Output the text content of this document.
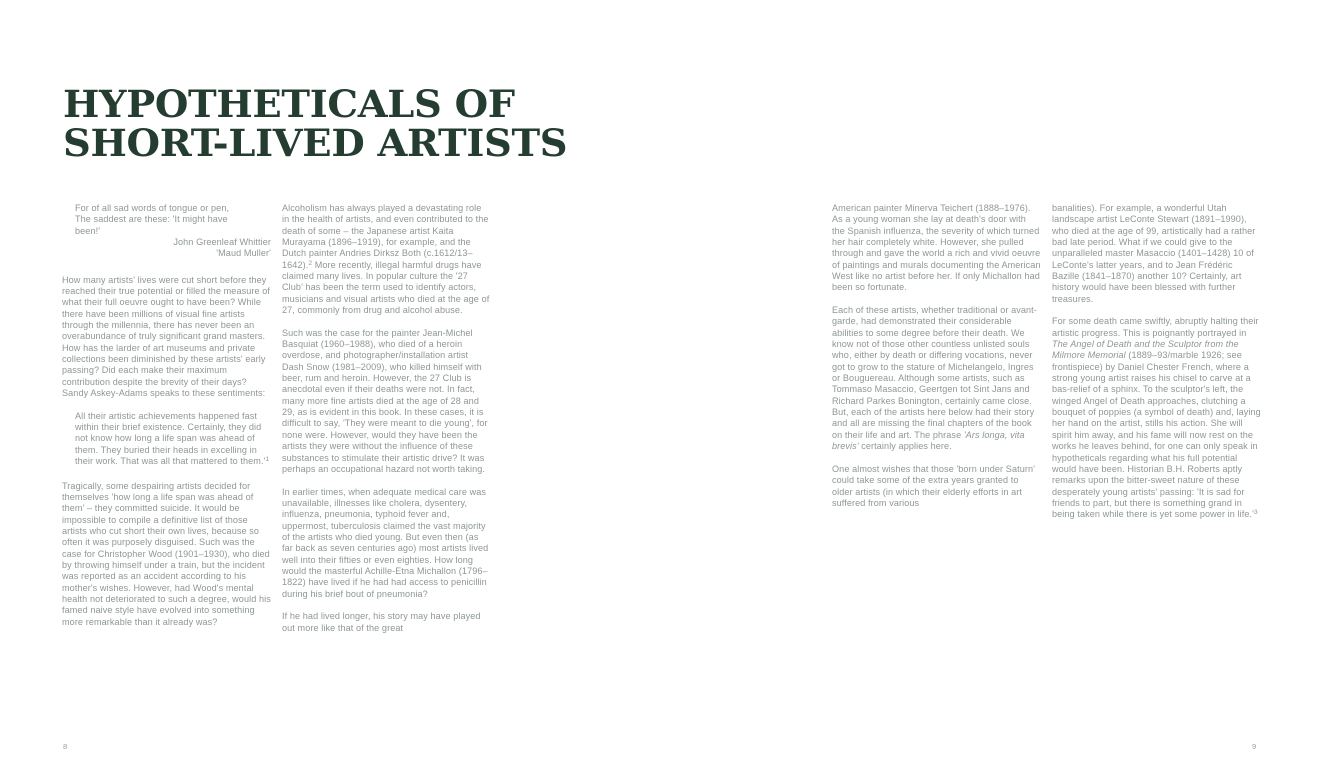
HYPOTHETICALS OF
SHORT-LIVED ARTISTS
For of all sad words of tongue or pen,
The saddest are these: 'It might have
been!'
John Greenleaf Whittier
'Maud Muller'

How many artists' lives were cut short before they reached their true potential or filled the measure of what their full oeuvre ought to have been? While there have been millions of visual fine artists through the millennia, there has never been an overabundance of truly significant grand masters. How has the larder of art museums and private collections been diminished by these artists' early passing? Did each make their maximum contribution despite the brevity of their days? Sandy Askey-Adams speaks to these sentiments:

All their artistic achievements happened fast within their brief existence. Certainly, they did not know how long a life span was ahead of them. They buried their heads in excelling in their work. That was all that mattered to $them.'^1$

Tragically, some despairing artists decided for themselves 'how long a life span was ahead of them' – they committed suicide. It would be impossible to compile a definitive list of those artists who cut short their own lives, because so often it was purposely disguised. Such was the case for Christopher Wood (1901–1930), who died by throwing himself under a train, but the incident was reported as an accident according to his mother's wishes. However, had Wood's mental health not deteriorated to such a degree, would his famed naive style have evolved into something more remarkable than it already was?

Alcoholism has always played a devastating role in the health of artists, and even contributed to the death of some – the Japanese artist Kaita Murayama (1896–1919), for example, and the Dutch painter Andries Dirksz Both (c.1612/13–1642).$^2$ More recently, illegal harmful drugs have claimed many lives. In popular culture the '27 Club' has been the term used to identify actors, musicians and visual artists who died at the age of 27, commonly from drug and alcohol abuse.

Such was the case for the painter Jean-Michel Basquiat (1960–1988), who died of a heroin overdose, and photographer/installation artist Dash Snow (1981–2009), who killed himself with beer, rum and heroin. However, the 27 Club is anecdotal even if their deaths were not. In fact, many more fine artists died at the age of 28 and 29, as is evident in this book. In these cases, it is difficult to say, 'They were meant to die young', for none were. However, would they have been the artists they were without the influence of these substances to stimulate their artistic drive? It was perhaps an occupational hazard not worth taking.

In earlier times, when adequate medical care was unavailable, illnesses like cholera, dysentery, influenza, pneumonia, typhoid fever and, uppermost, tuberculosis claimed the vast majority of the artists who died young. But even then (as far back as seven centuries ago) most artists lived well into their fifties or even eighties. How long would the masterful Achille-Etna Michallon (1796–1822) have lived if he had had access to penicillin during his brief bout of pneumonia?

If he had lived longer, his story may have played out more like that of the great

American painter Minerva Teichert (1888–1976). As a young woman she lay at death's door with the Spanish influenza, the severity of which turned her hair completely white. However, she pulled through and gave the world a rich and vivid oeuvre of paintings and murals documenting the American West like no artist before her. If only Michallon had been so fortunate.

Each of these artists, whether traditional or avant-garde, had demonstrated their considerable abilities to some degree before their death. We know not of those other countless unlisted souls who, either by death or differing vocations, never got to grow to the stature of Michelangelo, Ingres or Bouguereau. Although some artists, such as Tommaso Masaccio, Geertgen tot Sint Jans and Richard Parkes Bonington, certainly came close. But, each of the artists here below had their story and all are missing the final chapters of the book on their life and art. The phrase 'Ars longa, vita brevis' certainly applies here.

One almost wishes that those 'born under Saturn' could take some of the extra years granted to older artists (in which their elderly efforts in art suffered from various

banalities). For example, a wonderful Utah landscape artist LeConte Stewart (1891–1990), who died at the age of 99, artistically had a rather bad late period. What if we could give to the unparalleled master Masaccio (1401–1428) 10 of LeConte's latter years, and to Jean Frédéric Bazille (1841–1870) another 10? Certainly, art history would have been blessed with further treasures.

For some death came swiftly, abruptly halting their artistic progress. This is poignantly portrayed in The Angel of Death and the Sculptor from the Milmore Memorial (1889–93/marble 1926; see frontispiece) by Daniel Chester French, where a strong young artist raises his chisel to carve at a bas-relief of a sphinx. To the sculptor's left, the winged Angel of Death approaches, clutching a bouquet of poppies (a symbol of death) and, laying her hand on the artist, stills his action. She will spirit him away, and his fame will now rest on the works he leaves behind, for one can only speak in hypotheticals regarding what his full potential would have been. Historian B.H. Roberts aptly remarks upon the bitter-sweet nature of these desperately young artists' passing: 'It is sad for friends to part, but there is something grand in being taken while there is yet some power in $life.'^3$

8	9
